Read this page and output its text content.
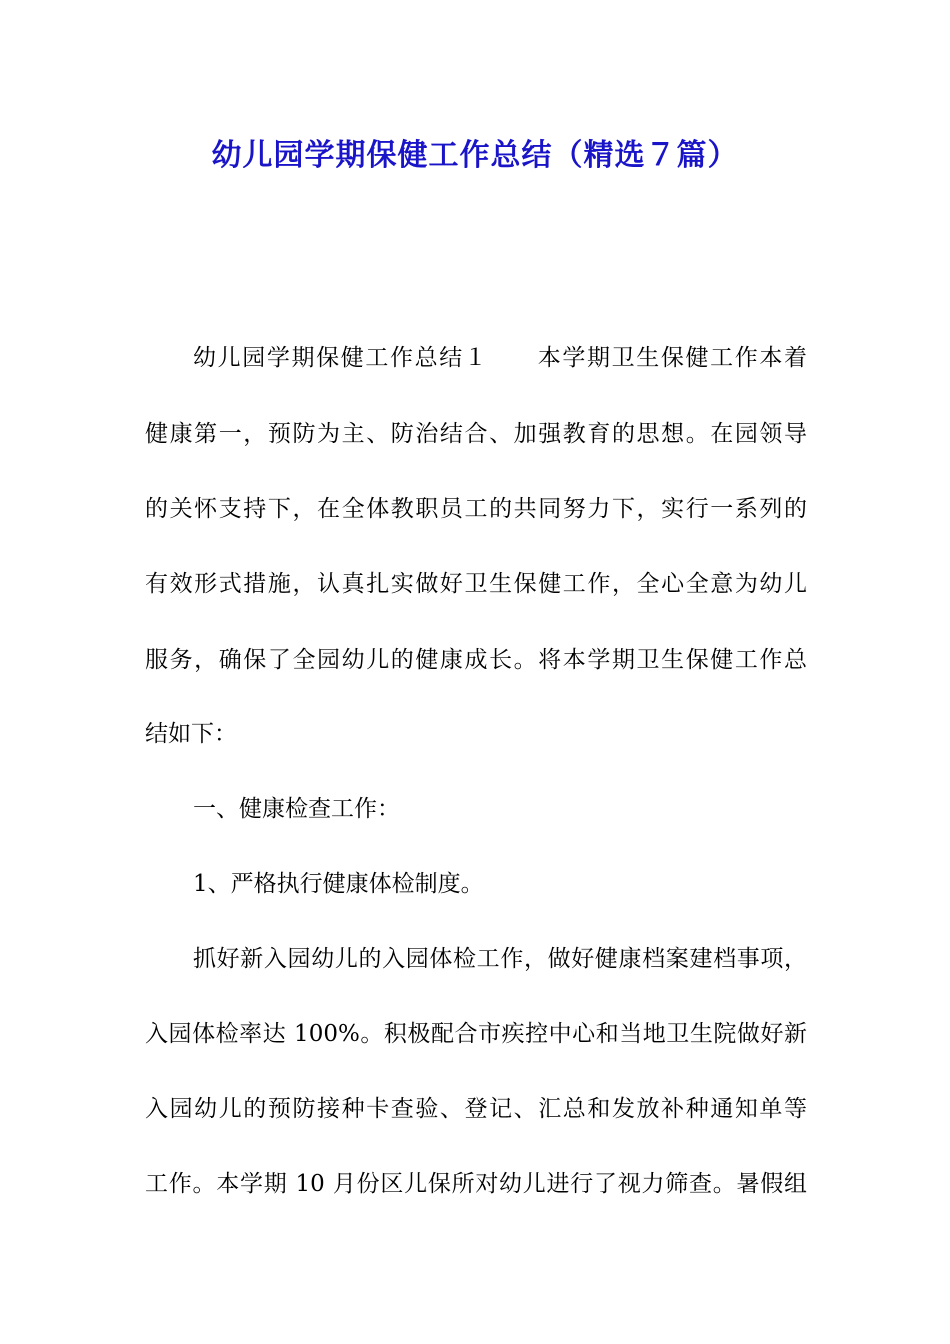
幼儿园学期保健工作总结（精选７篇）

幼儿园学期保健工作总结１　　本学期卫生保健工作本着

健康第一，预防为主、防治结合、加强教育的思想。在园领导

的关怀支持下，在全体教职员工的共同努力下，实行一系列的

有效形式措施，认真扎实做好卫生保健工作，全心全意为幼儿

服务，确保了全园幼儿的健康成长。将本学期卫生保健工作总

结如下：

一、健康检查工作：

1、严格执行健康体检制度。

抓好新入园幼儿的入园体检工作，做好健康档案建档事项，

入园体检率达 100%。积极配合市疾控中心和当地卫生院做好新

入园幼儿的预防接种卡查验、登记、汇总和发放补种通知单等

工作。本学期 10 月份区儿保所对幼儿进行了视力筛查。暑假组
